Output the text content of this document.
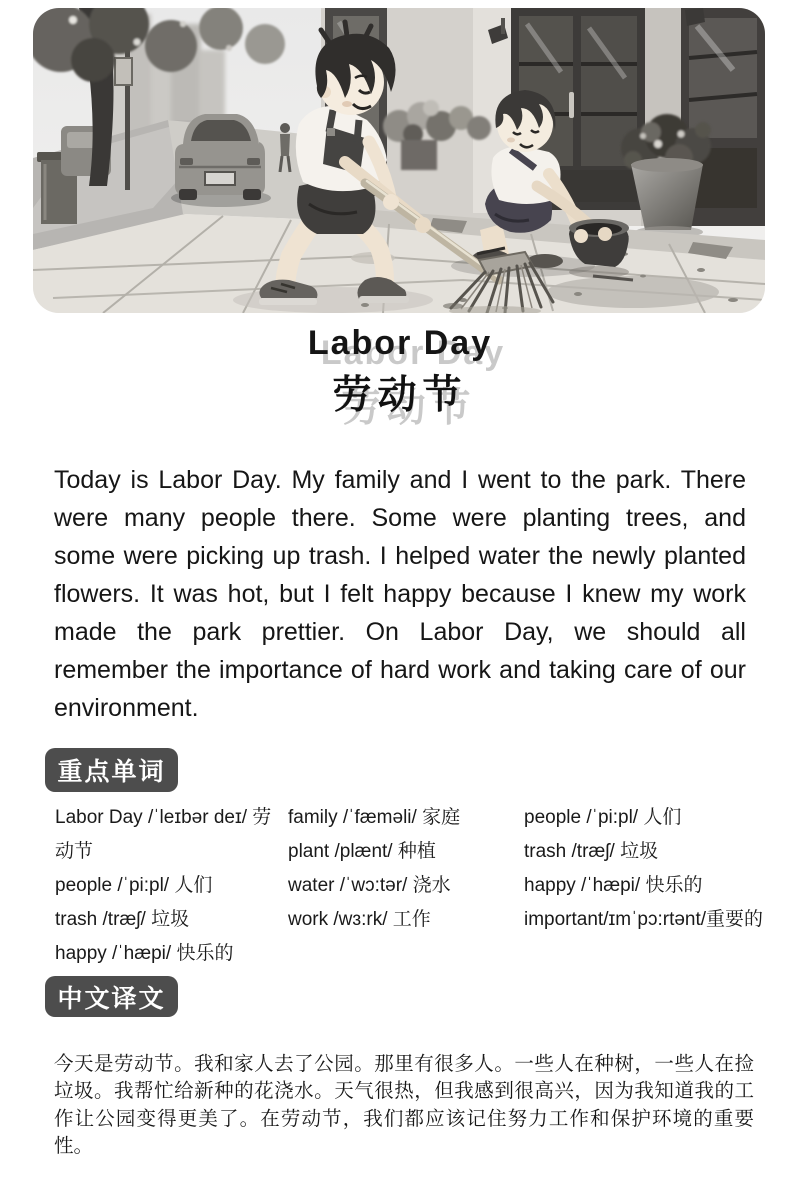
Labor Day
劳动节

Today is Labor Day. My family and I went to the park. There were many people there. Some were planting trees, and some were picking up trash. I helped water the newly planted flowers. It was hot, but I felt happy because I knew my work made the park prettier. On Labor Day, we should all remember the importance of hard work and taking care of our environment.

重点单词
Labor Day /ˈleɪbər deɪ/ 劳动节
people /ˈpi:pl/ 人们
trash /træʃ/ 垃圾
happy /ˈhæpi/ 快乐的
family /ˈfæməli/ 家庭
plant /plænt/ 种植
water /ˈwɔ:tər/ 浇水
work /wɜ:rk/ 工作
people /ˈpi:pl/ 人们
trash /træʃ/ 垃圾
happy /ˈhæpi/ 快乐的
important/ɪmˈpɔ:rtənt/重要的
中文译文

今天是劳动节。我和家人去了公园。那里有很多人。一些人在种树，一些人在捡垃圾。我帮忙给新种的花浇水。天气很热，但我感到很高兴，因为我知道我的工作让公园变得更美了。在劳动节，我们都应该记住努力工作和保护环境的重要性。
